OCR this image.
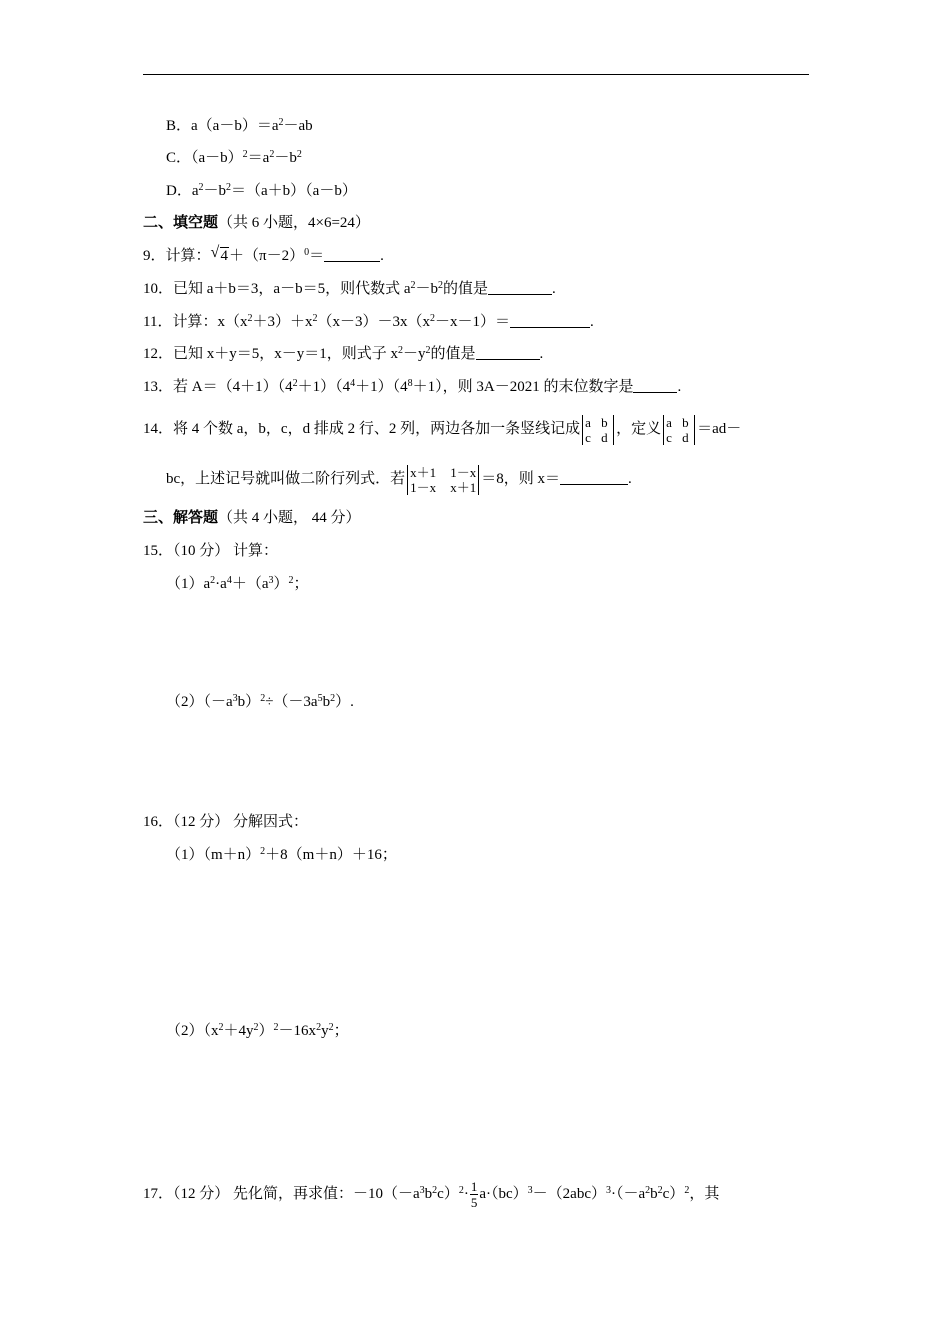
B．$a(a-b)=a^2-ab$
C．$(a-b)^2=a^2-b^2$
D．$a^2-b^2=(a+b)(a-b)$
二、填空题（共 6 小题，4×6=24）
9．计算： √ $4+(\pi-2)^0=$	.
10．已知 a＋b＝3，a－b＝5，则代数式 $a^2-b^2$的值是	.
11．计算：$x(x^2+3)+x^2(x-3)-3x(x^2-x-1)=$	.
12．已知 x＋y＝5，x－y＝1，则式子 $x^2-y^2$的值是	.
13．若 $A=(4+1)(4^2+1)(4^4+1)(4^8+1)$，则 3A－2021 的末位数字是	.
14．将 4 个数 a，b，c，d 排成 2 行、2 列，两边各加一条竖线记成 a b
c d
，定义 a b
c d
＝ad－
bc，上述记号就叫做二阶行列式．若 x＋1 1－x
1－x x＋1
＝8，则 x＝	.
三、解答题（共 4 小题， 44 分）
15．（10 分） 计算：
$(1)a^2\cdot a^4+(a^3)^2$；
$(2)(-a^3b)^2\div(-3a^5b^2)$.
16．（12 分） 分解因式：
$(1)(m+n)^2+8(m+n)+16$；
$(2)(x^2+4y^2)^2-16x^2y^2$；
17．（12 分） 先化简，再求值：$-10(-a^3b^2c)^2\cdot \frac{1}{5} a\cdot(bc)^3-(2abc)^3\cdot(-a^2b^2c)^2$，其
